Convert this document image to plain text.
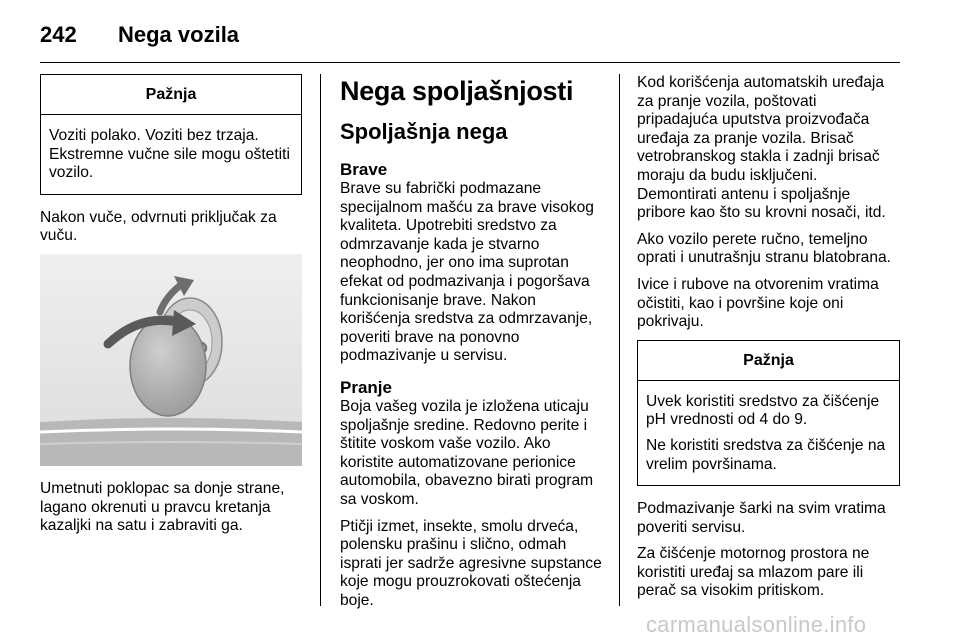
242 Nega vozila
Pažnja

Voziti polako. Voziti bez trzaja. Ekstremne vučne sile mogu oštetiti vozilo.

Nakon vuče, odvrnuti priključak za vuču.

Umetnuti poklopac sa donje strane, lagano okrenuti u pravcu kretanja kazaljki na satu i zabraviti ga.

Nega spoljašnjosti
Spoljašnja nega
Brave

Brave su fabrički podmazane specijalnom mašću za brave visokog kvaliteta. Upotrebiti sredstvo za odmrzavanje kada je stvarno neophodno, jer ono ima suprotan efekat od podmazivanja i pogoršava funkcionisanje brave. Nakon korišćenja sredstva za odmrzavanje, poveriti brave na ponovno podmazivanje u servisu.

Pranje

Boja vašeg vozila je izložena uticaju spoljašnje sredine. Redovno perite i štitite voskom vaše vozilo. Ako koristite automatizovane perionice automobila, obavezno birati program sa voskom.

Ptičji izmet, insekte, smolu drveća, polensku prašinu i slično, odmah isprati jer sadrže agresivne supstance koje mogu prouzrokovati oštećenja boje.

Kod korišćenja automatskih uređaja za pranje vozila, poštovati pripadajuća uputstva proizvođača uređaja za pranje vozila. Brisač vetrobranskog stakla i zadnji brisač moraju da budu isključeni. Demontirati antenu i spoljašnje pribore kao što su krovni nosači, itd.

Ako vozilo perete ručno, temeljno oprati i unutrašnju stranu blatobrana.

Ivice i rubove na otvorenim vratima očistiti, kao i površine koje oni pokrivaju.

Pažnja

Uvek koristiti sredstvo za čišćenje pH vrednosti od 4 do 9.

Ne koristiti sredstva za čišćenje na vrelim površinama.

Podmazivanje šarki na svim vratima poveriti servisu.

Za čišćenje motornog prostora ne koristiti uređaj sa mlazom pare ili perač sa visokim pritiskom.

carmanualsonline.info
